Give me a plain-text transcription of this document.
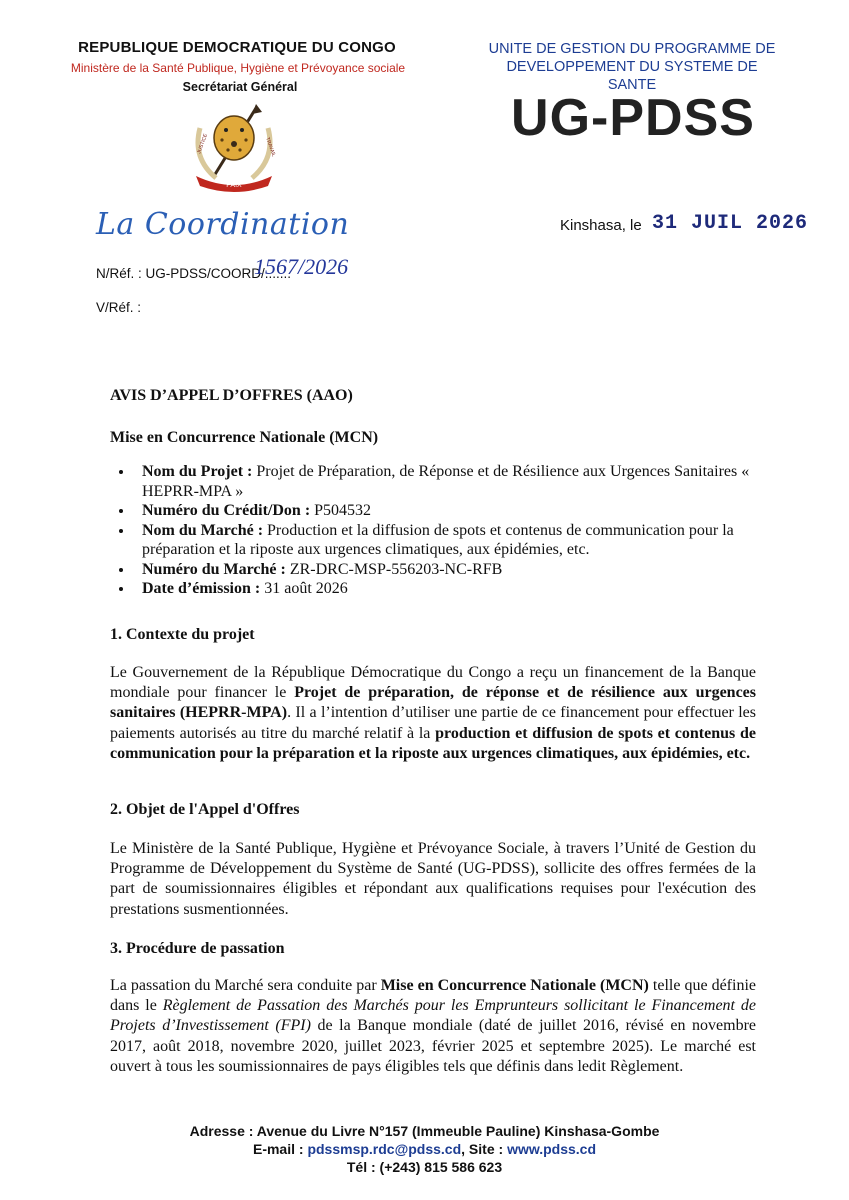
REPUBLIQUE DEMOCRATIQUE DU CONGO
Ministère de la Santé Publique, Hygiène et Prévoyance sociale
Secrétariat Général
PAIX
JUSTICE	TRAVAIL
UNITE DE GESTION DU PROGRAMME DE
DEVELOPPEMENT DU SYSTEME DE SANTE
UG-PDSS
La Coordination	Kinshasa, le 31 JUIL 2026
N/Réf. : UG-PDSS/COORD/.......
1567/2026
V/Réf. :
AVIS D’APPEL D’OFFRES (AAO)
Mise en Concurrence Nationale (MCN)
• Nom du Projet : Projet de Préparation, de Réponse et de Résilience aux Urgences Sanitaires « HEPRR-MPA »
• Numéro du Crédit/Don : P504532
• Nom du Marché : Production et la diffusion de spots et contenus de communication pour la préparation et la riposte aux urgences climatiques, aux épidémies, etc.
• Numéro du Marché : ZR-DRC-MSP-556203-NC-RFB
• Date d’émission : 31 août 2026
1. Contexte du projet
Le Gouvernement de la République Démocratique du Congo a reçu un financement de la Banque mondiale pour financer le Projet de préparation, de réponse et de résilience aux urgences sanitaires (HEPRR-MPA). Il a l’intention d’utiliser une partie de ce financement pour effectuer les paiements autorisés au titre du marché relatif à la production et diffusion de spots et contenus de communication pour la préparation et la riposte aux urgences climatiques, aux épidémies, etc.
2. Objet de l'Appel d'Offres
Le Ministère de la Santé Publique, Hygiène et Prévoyance Sociale, à travers l’Unité de Gestion du Programme de Développement du Système de Santé (UG-PDSS), sollicite des offres fermées de la part de soumissionnaires éligibles et répondant aux qualifications requises pour l'exécution des prestations susmentionnées.
3. Procédure de passation
La passation du Marché sera conduite par Mise en Concurrence Nationale (MCN) telle que définie dans le Règlement de Passation des Marchés pour les Emprunteurs sollicitant le Financement de Projets d’Investissement (FPI) de la Banque mondiale (daté de juillet 2016, révisé en novembre 2017, août 2018, novembre 2020, juillet 2023, février 2025 et septembre 2025). Le marché est ouvert à tous les soumissionnaires de pays éligibles tels que définis dans ledit Règlement.
Adresse : Avenue du Livre N°157 (Immeuble Pauline) Kinshasa-Gombe
E-mail : pdssmsp.rdc@pdss.cd, Site : www.pdss.cd
Tél : (+243) 815 586 623
